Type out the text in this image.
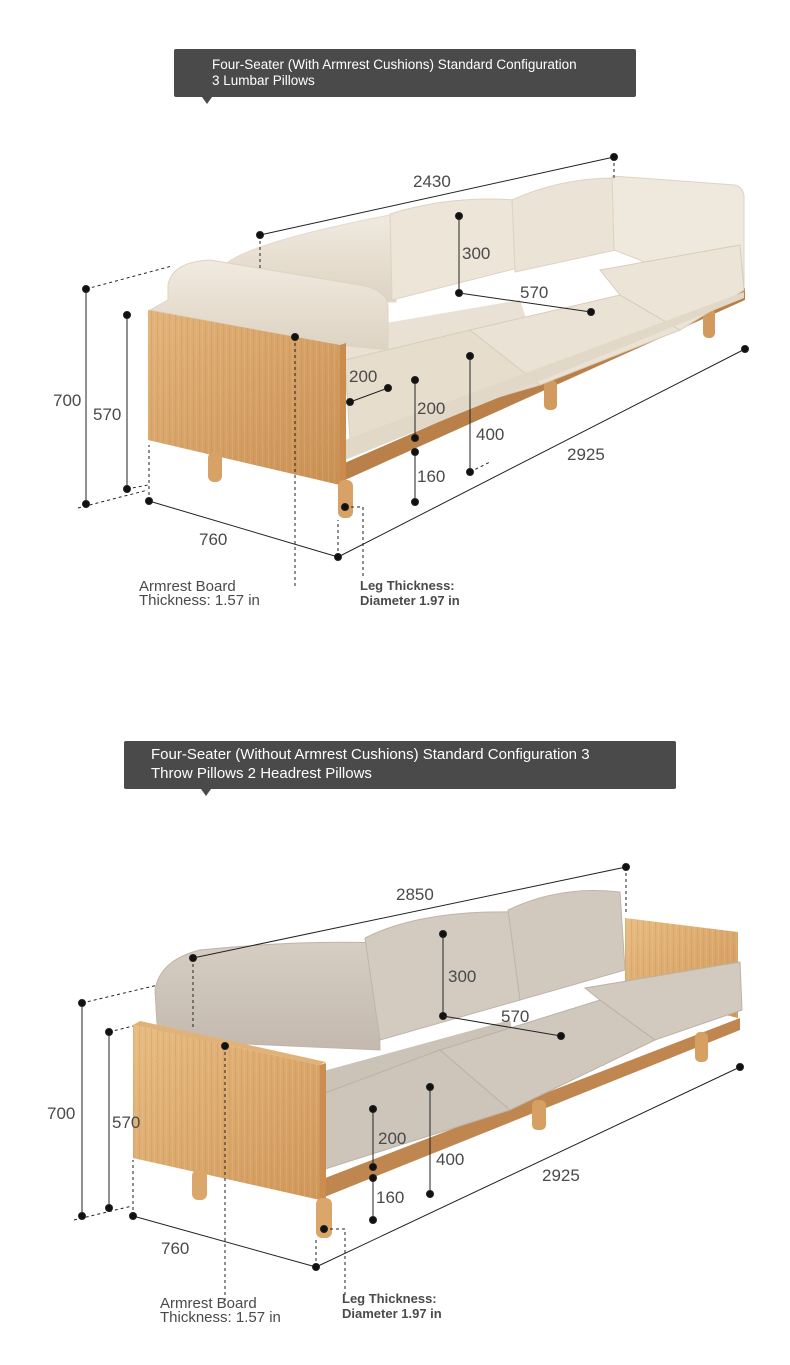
Four-Seater (With Armrest Cushions) Standard Configuration
3 Lumbar Pillows
2430
300
570
200
200
400
160
2925
700
570
760
Armrest Board
Thickness: 1.57 in
Leg Thickness:
Diameter 1.97 in
Four-Seater (Without Armrest Cushions) Standard Configuration 3
Throw Pillows 2 Headrest Pillows
2850
300
570
200
400
160
2925
700 570
760
Armrest Board
Thickness: 1.57 in
Leg Thickness:
Diameter 1.97 in
